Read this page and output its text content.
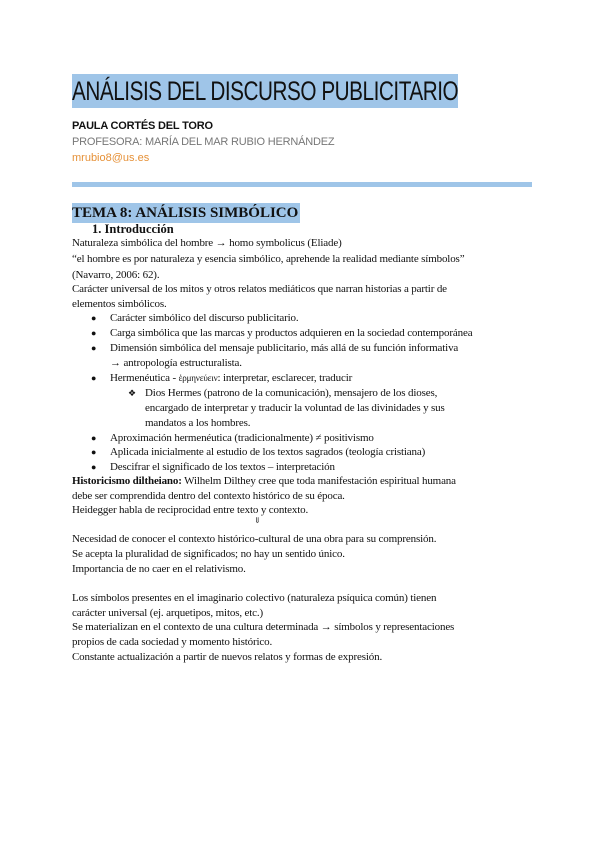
ANÁLISIS DEL DISCURSO PUBLICITARIO
PAULA CORTÉS DEL TORO
PROFESORA: MARÍA DEL MAR RUBIO HERNÁNDEZ
mrubio8@us.es
TEMA 8: ANÁLISIS SIMBÓLICO
1. Introducción
Naturaleza simbólica del hombre → homo symbolicus (Eliade)
“el hombre es por naturaleza y esencia simbólico, aprehende la realidad mediante símbolos”
(Navarro, 2006: 62).
Carácter universal de los mitos y otros relatos mediáticos que narran historias a partir de
elementos simbólicos.
● Carácter simbólico del discurso publicitario.
● Carga simbólica que las marcas y productos adquieren en la sociedad contemporánea
● Dimensión simbólica del mensaje publicitario, más allá de su función informativa
→ antropología estructuralista.
● Hermenéutica - ἑρμηνεύειν: interpretar, esclarecer, traducir
❖ Dios Hermes (patrono de la comunicación), mensajero de los dioses,
encargado de interpretar y traducir la voluntad de las divinidades y sus
mandatos a los hombres.
● Aproximación hermenéutica (tradicionalmente) ≠ positivismo
● Aplicada inicialmente al estudio de los textos sagrados (teología cristiana)
● Descifrar el significado de los textos – interpretación
Historicismo diltheiano: Wilhelm Dilthey cree que toda manifestación espiritual humana
debe ser comprendida dentro del contexto histórico de su época.
Heidegger habla de reciprocidad entre texto y contexto.
⇓
Necesidad de conocer el contexto histórico-cultural de una obra para su comprensión.
Se acepta la pluralidad de significados; no hay un sentido único.
Importancia de no caer en el relativismo.
Los símbolos presentes en el imaginario colectivo (naturaleza psíquica común) tienen
carácter universal (ej. arquetipos, mitos, etc.)
Se materializan en el contexto de una cultura determinada → símbolos y representaciones
propios de cada sociedad y momento histórico.
Constante actualización a partir de nuevos relatos y formas de expresión.
